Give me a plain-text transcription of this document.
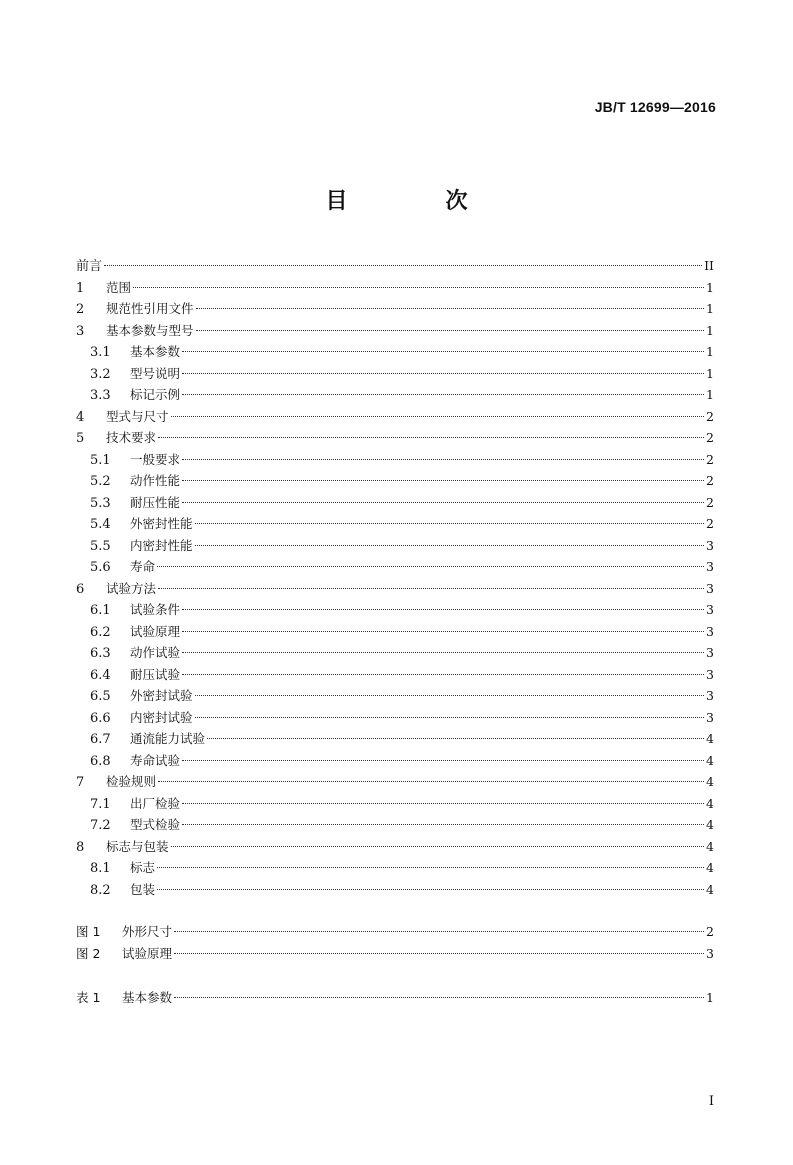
JB/T 12699—2016
目　次
前言	II
1	范围	1
2	规范性引用文件	1
3	基本参数与型号	1
3.1	基本参数	1
3.2	型号说明	1
3.3	标记示例	1
4	型式与尺寸	2
5	技术要求	2
5.1	一般要求	2
5.2	动作性能	2
5.3	耐压性能	2
5.4	外密封性能	2
5.5	内密封性能	3
5.6	寿命	3
6	试验方法	3
6.1	试验条件	3
6.2	试验原理	3
6.3	动作试验	3
6.4	耐压试验	3
6.5	外密封试验	3
6.6	内密封试验	3
6.7	通流能力试验	4
6.8	寿命试验	4
7	检验规则	4
7.1	出厂检验	4
7.2	型式检验	4
8	标志与包装	4
8.1	标志	4
8.2	包装	4
图 1	外形尺寸	2
图 2	试验原理	3
表 1	基本参数	1
I
